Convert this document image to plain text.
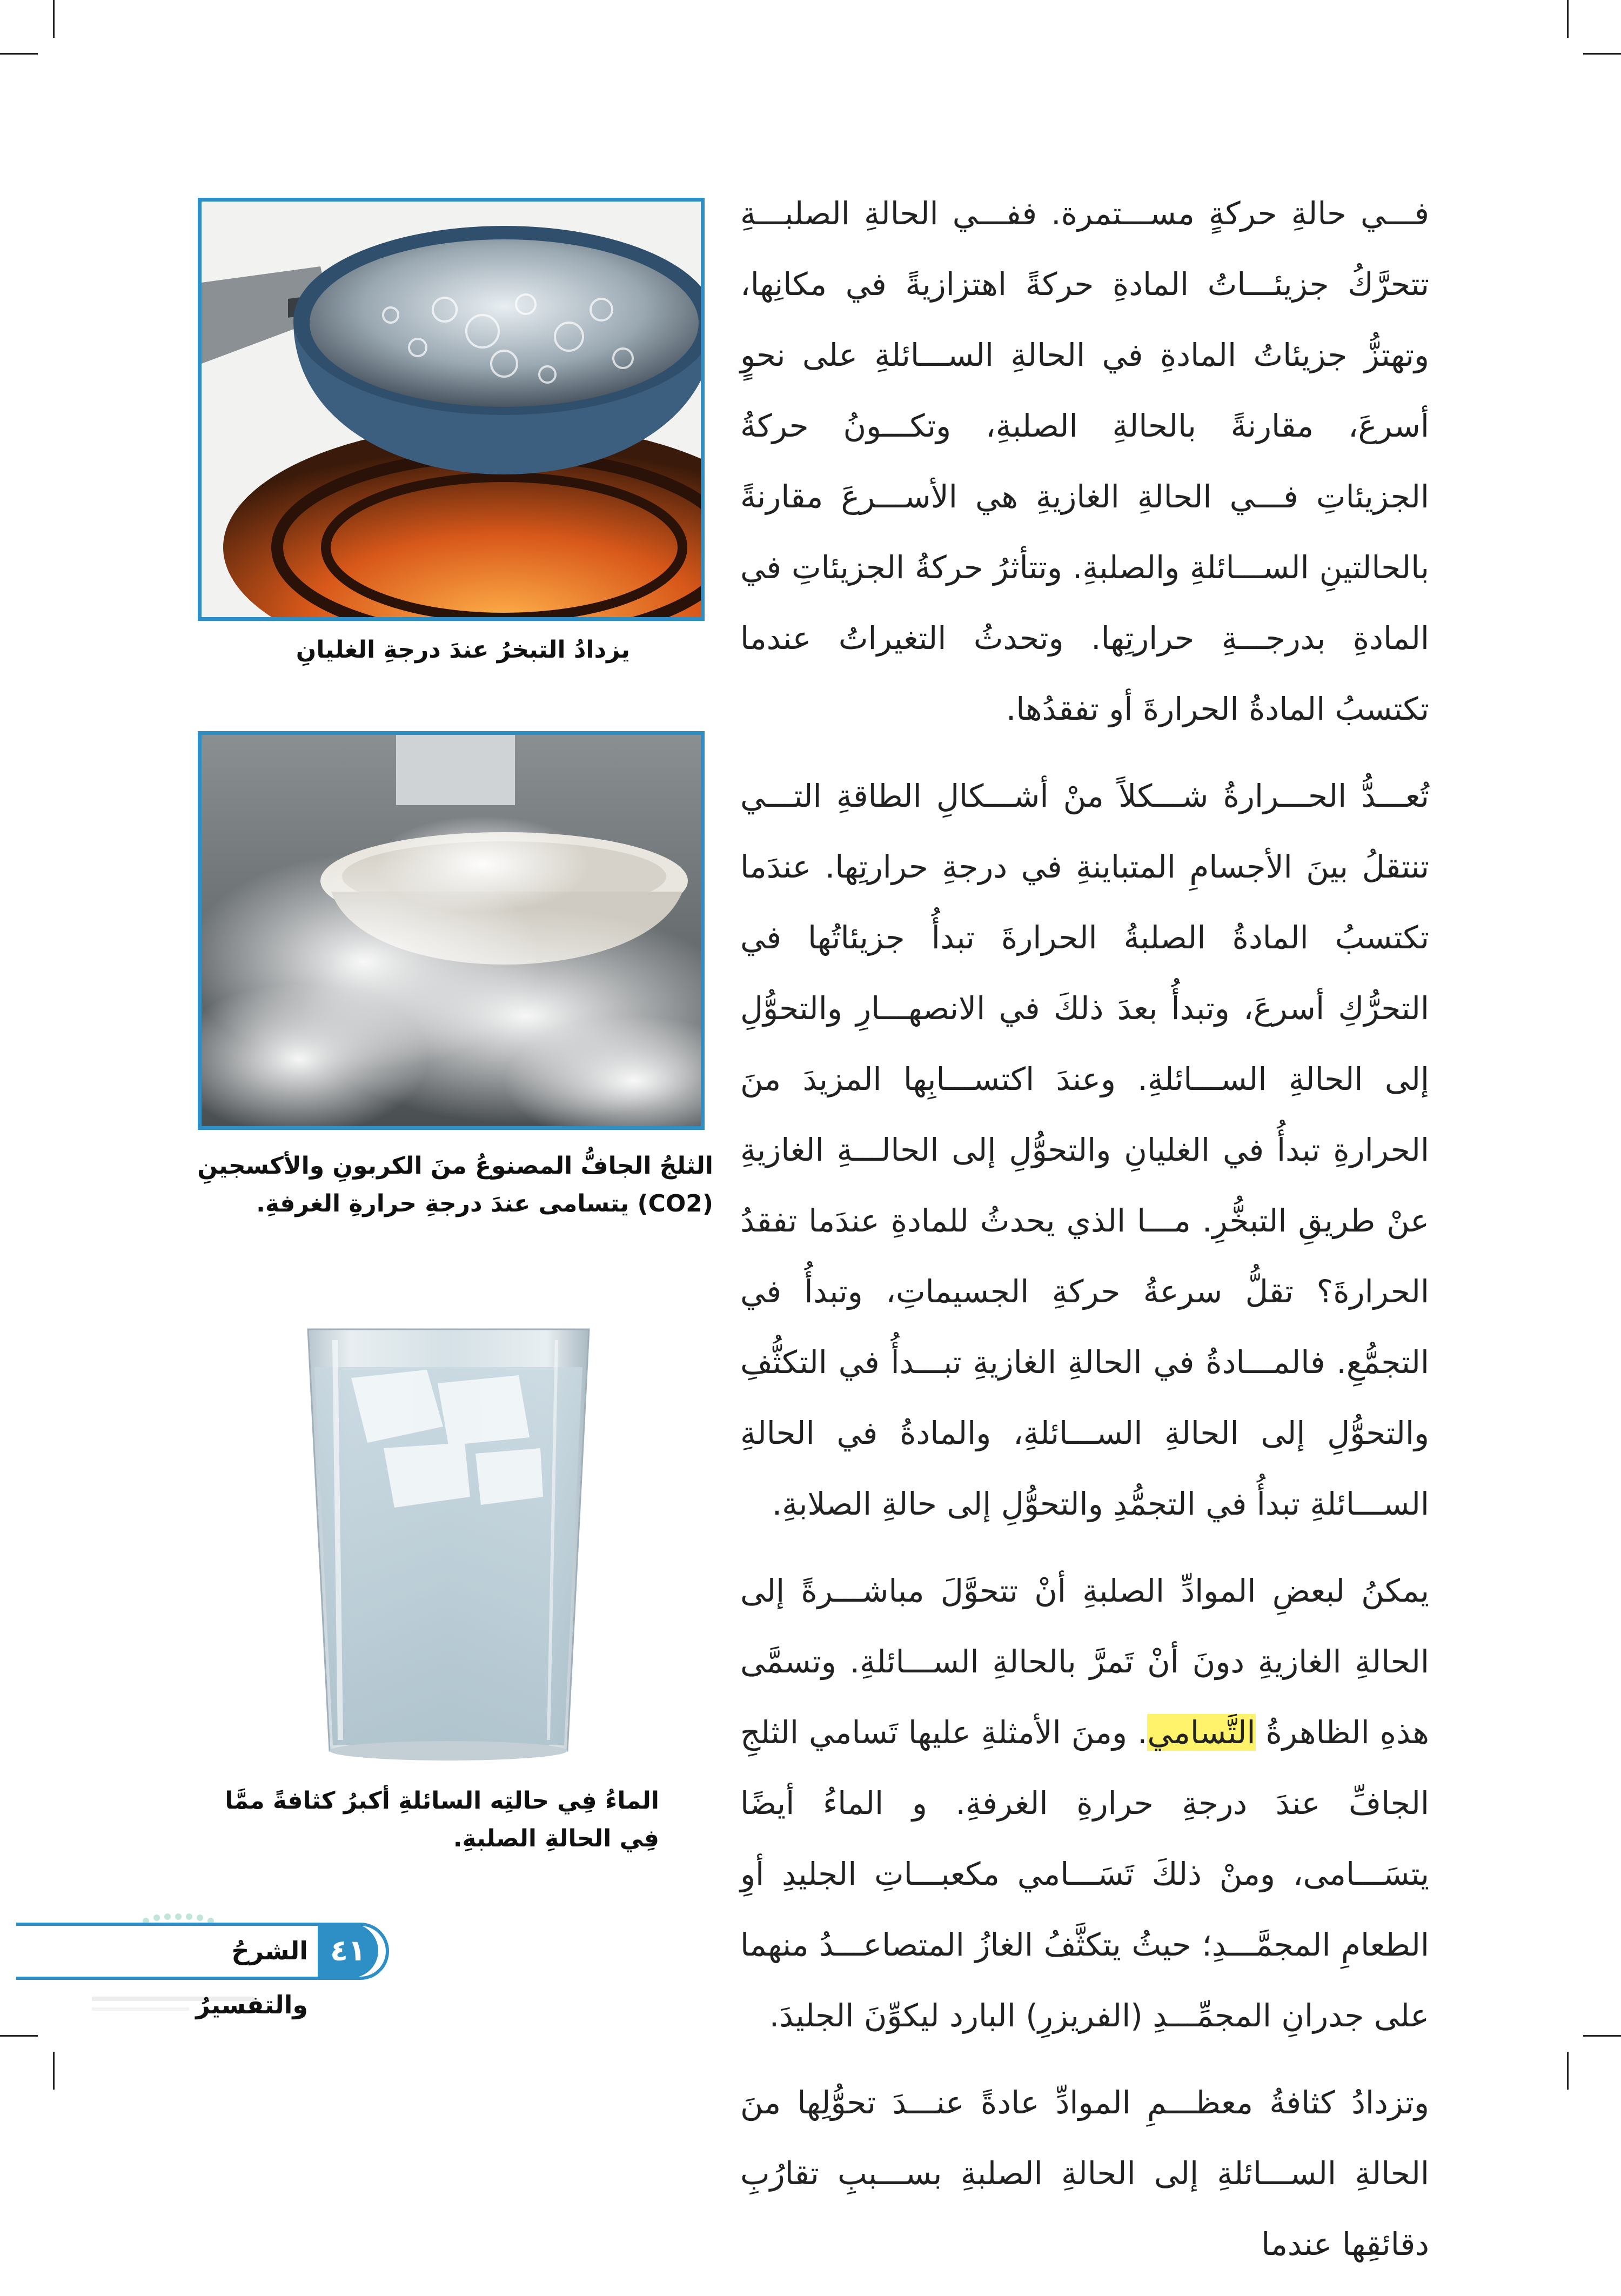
فـــي حالةِ حركةٍ مســـتمرة. ففـــي الحالةِ الصلبـــةِ تتحرَّكُ جزيئـــاتُ المادةِ حركةً اهتزازيةً في مكانِها، وتهتزُّ جزيئاتُ المادةِ في الحالةِ الســـائلةِ على نحوٍ أسرعَ، مقارنةً بالحالةِ الصلبةِ، وتكـــونُ حركةُ الجزيئاتِ فـــي الحالةِ الغازيةِ هي الأســـرعَ مقارنةً بالحالتينِ الســـائلةِ والصلبةِ. وتتأثرُ حركةُ الجزيئاتِ في المادةِ بدرجـــةِ حرارتِها. وتحدثُ التغيراتُ عندما تكتسبُ المادةُ الحرارةَ أو تفقدُها.

تُعـــدُّ الحـــرارةُ شـــكلاً منْ أشـــكالِ الطاقةِ التـــي تنتقلُ بينَ الأجسامِ المتباينةِ في درجةِ حرارتِها. عندَما تكتسبُ المادةُ الصلبةُ الحرارةَ تبدأُ جزيئاتُها في التحرُّكِ أسرعَ، وتبدأُ بعدَ ذلكَ في الانصهـــارِ والتحوُّلِ إلى الحالةِ الســـائلةِ. وعندَ اكتســـابِها المزيدَ منَ الحرارةِ تبدأُ في الغليانِ والتحوُّلِ إلى الحالـــةِ الغازيةِ عنْ طريقِ التبخُّرِ. مـــا الذي يحدثُ للمادةِ عندَما تفقدُ الحرارةَ؟ تقلُّ سرعةُ حركةِ الجسيماتِ، وتبدأُ في التجمُّعِ. فالمـــادةُ في الحالةِ الغازيةِ تبـــدأُ في التكثُّفِ والتحوُّلِ إلى الحالةِ الســـائلةِ، والمادةُ في الحالةِ الســـائلةِ تبدأُ في التجمُّدِ والتحوُّلِ إلى حالةِ الصلابةِ.

يمكنُ لبعضِ الموادِّ الصلبةِ أنْ تتحوَّلَ مباشـــرةً إلى الحالةِ الغازيةِ دونَ أنْ تَمرَّ بالحالةِ الســـائلةِ. وتسمَّى هذهِ الظاهرةُ التَّسامي. ومنَ الأمثلةِ عليها تَسامي الثلجِ الجافِّ عندَ درجةِ حرارةِ الغرفةِ. و الماءُ أيضًا يتسَـــامى، ومنْ ذلكَ تَسَـــامي مكعبـــاتِ الجليدِ أوِ الطعامِ المجمَّـــدِ؛ حيثُ يتكثَّفُ الغازُ المتصاعـــدُ منهما على جدرانِ المجمِّـــدِ (الفريزرِ) البارد ليكوِّنَ الجليدَ.

وتزدادُ كثافةُ معظـــمِ الموادِّ عادةً عنـــدَ تحوُّلِها منَ الحالةِ الســـائلةِ إلى الحالةِ الصلبةِ بســـببِ تقارُبِ دقائقِها عندما

يزدادُ التبخرُ عندَ درجةِ الغليانِ
الثلجُ الجافُّ المصنوعُ منَ الكربونِ والأكسجينِ
(CO2) يتسامى عندَ درجةِ حرارةِ الغرفةِ.
الماءُ فِي حالتِه السائلةِ أكبرُ كثافةً ممَّا
فِي الحالةِ الصلبةِ.
الشرحُ والتفسيرُ
٤١
